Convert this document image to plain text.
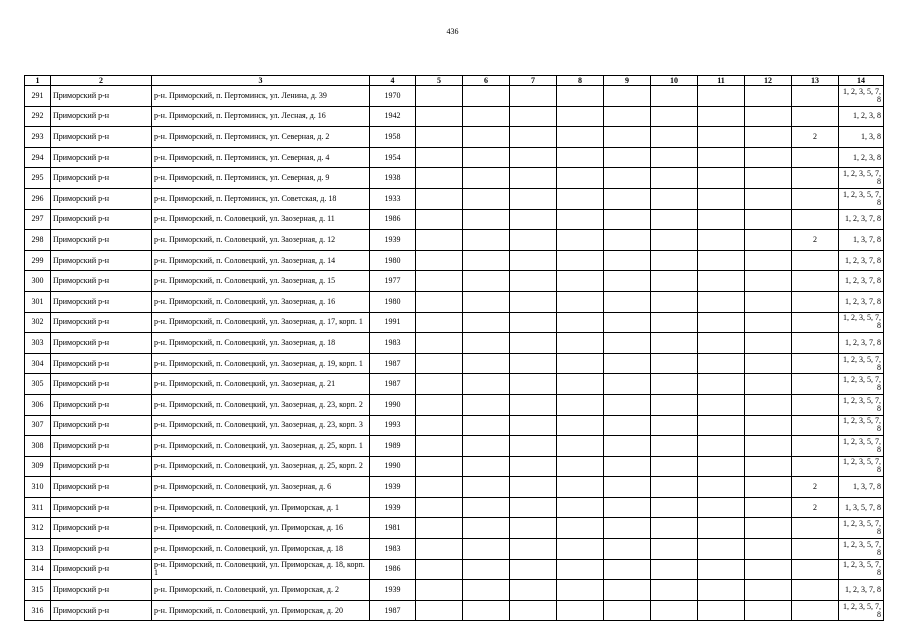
436
1	2	3	4	5	6	7	8	9	10	11	12	13	14
291	Приморский р-н	р-н. Приморский, п. Пертоминск, ул. Ленина, д. 39	1970										1, 2, 3, 5, 7, 8
292	Приморский р-н	р-н. Приморский, п. Пертоминск, ул. Лесная, д. 16	1942										1, 2, 3, 8
293	Приморский р-н	р-н. Приморский, п. Пертоминск, ул. Северная, д. 2	1958									2	1, 3, 8
294	Приморский р-н	р-н. Приморский, п. Пертоминск, ул. Северная, д. 4	1954										1, 2, 3, 8
295	Приморский р-н	р-н. Приморский, п. Пертоминск, ул. Северная, д. 9	1938										1, 2, 3, 5, 7, 8
296	Приморский р-н	р-н. Приморский, п. Пертоминск, ул. Советская, д. 18	1933										1, 2, 3, 5, 7, 8
297	Приморский р-н	р-н. Приморский, п. Соловецкий, ул. Заозерная, д. 11	1986										1, 2, 3, 7, 8
298	Приморский р-н	р-н. Приморский, п. Соловецкий, ул. Заозерная, д. 12	1939									2	1, 3, 7, 8
299	Приморский р-н	р-н. Приморский, п. Соловецкий, ул. Заозерная, д. 14	1980										1, 2, 3, 7, 8
300	Приморский р-н	р-н. Приморский, п. Соловецкий, ул. Заозерная, д. 15	1977										1, 2, 3, 7, 8
301	Приморский р-н	р-н. Приморский, п. Соловецкий, ул. Заозерная, д. 16	1980										1, 2, 3, 7, 8
302	Приморский р-н	р-н. Приморский, п. Соловецкий, ул. Заозерная, д. 17, корп. 1	1991										1, 2, 3, 5, 7, 8
303	Приморский р-н	р-н. Приморский, п. Соловецкий, ул. Заозерная, д. 18	1983										1, 2, 3, 7, 8
304	Приморский р-н	р-н. Приморский, п. Соловецкий, ул. Заозерная, д. 19, корп. 1	1987										1, 2, 3, 5, 7, 8
305	Приморский р-н	р-н. Приморский, п. Соловецкий, ул. Заозерная, д. 21	1987										1, 2, 3, 5, 7, 8
306	Приморский р-н	р-н. Приморский, п. Соловецкий, ул. Заозерная, д. 23, корп. 2	1990										1, 2, 3, 5, 7, 8
307	Приморский р-н	р-н. Приморский, п. Соловецкий, ул. Заозерная, д. 23, корп. 3	1993										1, 2, 3, 5, 7, 8
308	Приморский р-н	р-н. Приморский, п. Соловецкий, ул. Заозерная, д. 25, корп. 1	1989										1, 2, 3, 5, 7, 8
309	Приморский р-н	р-н. Приморский, п. Соловецкий, ул. Заозерная, д. 25, корп. 2	1990										1, 2, 3, 5, 7, 8
310	Приморский р-н	р-н. Приморский, п. Соловецкий, ул. Заозерная, д. 6	1939									2	1, 3, 7, 8
311	Приморский р-н	р-н. Приморский, п. Соловецкий, ул. Приморская, д. 1	1939									2	1, 3, 5, 7, 8
312	Приморский р-н	р-н. Приморский, п. Соловецкий, ул. Приморская, д. 16	1981										1, 2, 3, 5, 7, 8
313	Приморский р-н	р-н. Приморский, п. Соловецкий, ул. Приморская, д. 18	1983										1, 2, 3, 5, 7, 8
314	Приморский р-н	р-н. Приморский, п. Соловецкий, ул. Приморская, д. 18, корп. 1	1986										1, 2, 3, 5, 7, 8
315	Приморский р-н	р-н. Приморский, п. Соловецкий, ул. Приморская, д. 2	1939										1, 2, 3, 7, 8
316	Приморский р-н	р-н. Приморский, п. Соловецкий, ул. Приморская, д. 20	1987										1, 2, 3, 5, 7, 8
